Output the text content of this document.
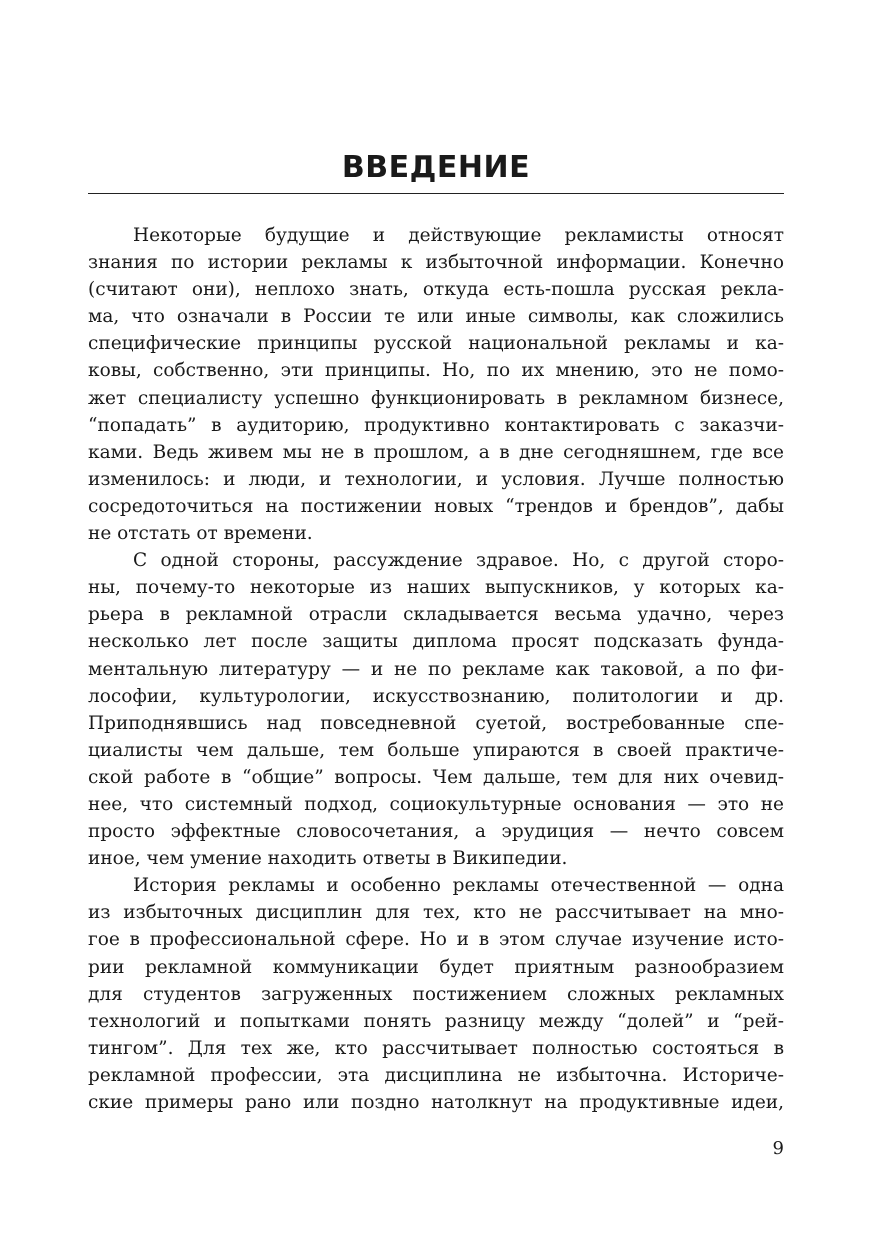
ВВЕДЕНИЕ
Некоторые будущие и действующие рекламисты относят
знания по истории рекламы к избыточной информации. Конечно
(считают они), неплохо знать, откуда есть-пошла русская рекла-
ма, что означали в России те или иные символы, как сложились
специфические принципы русской национальной рекламы и ка-
ковы, собственно, эти принципы. Но, по их мнению, это не помо-
жет специалисту успешно функционировать в рекламном бизнесе,
“попадать” в аудиторию, продуктивно контактировать с заказчи-
ками. Ведь живем мы не в прошлом, а в дне сегодняшнем, где все
изменилось: и люди, и технологии, и условия. Лучше полностью
сосредоточиться на постижении новых “трендов и брендов”, дабы
не отстать от времени.
С одной стороны, рассуждение здравое. Но, с другой сторо-
ны, почему-то некоторые из наших выпускников, у которых ка-
рьера в рекламной отрасли складывается весьма удачно, через
несколько лет после защиты диплома просят подсказать фунда-
ментальную литературу — и не по рекламе как таковой, а по фи-
лософии, культурологии, искусствознанию, политологии и др.
Приподнявшись над повседневной суетой, востребованные спе-
циалисты чем дальше, тем больше упираются в своей практиче-
ской работе в “общие” вопросы. Чем дальше, тем для них очевид-
нее, что системный подход, социокультурные основания — это не
просто эффектные словосочетания, а эрудиция — нечто совсем
иное, чем умение находить ответы в Википедии.
История рекламы и особенно рекламы отечественной — одна
из избыточных дисциплин для тех, кто не рассчитывает на мно-
гое в профессиональной сфере. Но и в этом случае изучение исто-
рии рекламной коммуникации будет приятным разнообразием
для студентов загруженных постижением сложных рекламных
технологий и попытками понять разницу между “долей” и “рей-
тингом”. Для тех же, кто рассчитывает полностью состояться в
рекламной профессии, эта дисциплина не избыточна. Историче-
ские примеры рано или поздно натолкнут на продуктивные идеи,
9
